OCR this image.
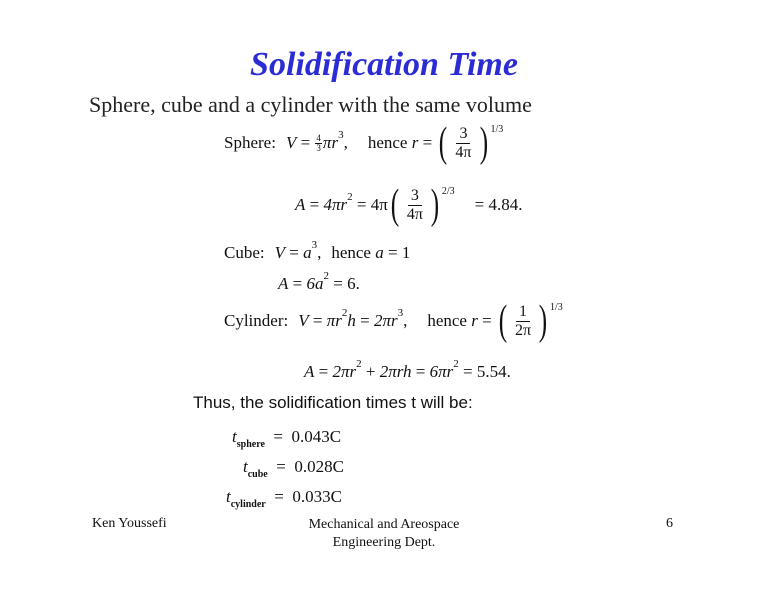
Solidification Time
Sphere, cube and a cylinder with the same volume
Sphere: V
=
$\frac{4}{3}$ πr 3 , hence
r
=
( $\frac{3}{4\pi}$ ) 1/3
A
=
4πr 2
=
4π ( $\frac{3}{4\pi}$ ) 2/3
=
4.84.
Cube: V
=
a 3 , hence
a
=
1
A
=
6a 2
=
6.
Cylinder: V
=
πr 2 h
=
2πr 3 , hence
r
=
( $\frac{1}{2\pi}$ ) 1/3
A
=
2πr 2
+
2πrh
=
6πr 2
=
5.54.
Thus, the solidification times t will be:
$t_{sphere} = 0.043C$
$t_{cube} = 0.028C$
$t_{cylinder} = 0.033C$
Ken Youssefi	Mechanical and Areospace
Engineering Dept.
6
